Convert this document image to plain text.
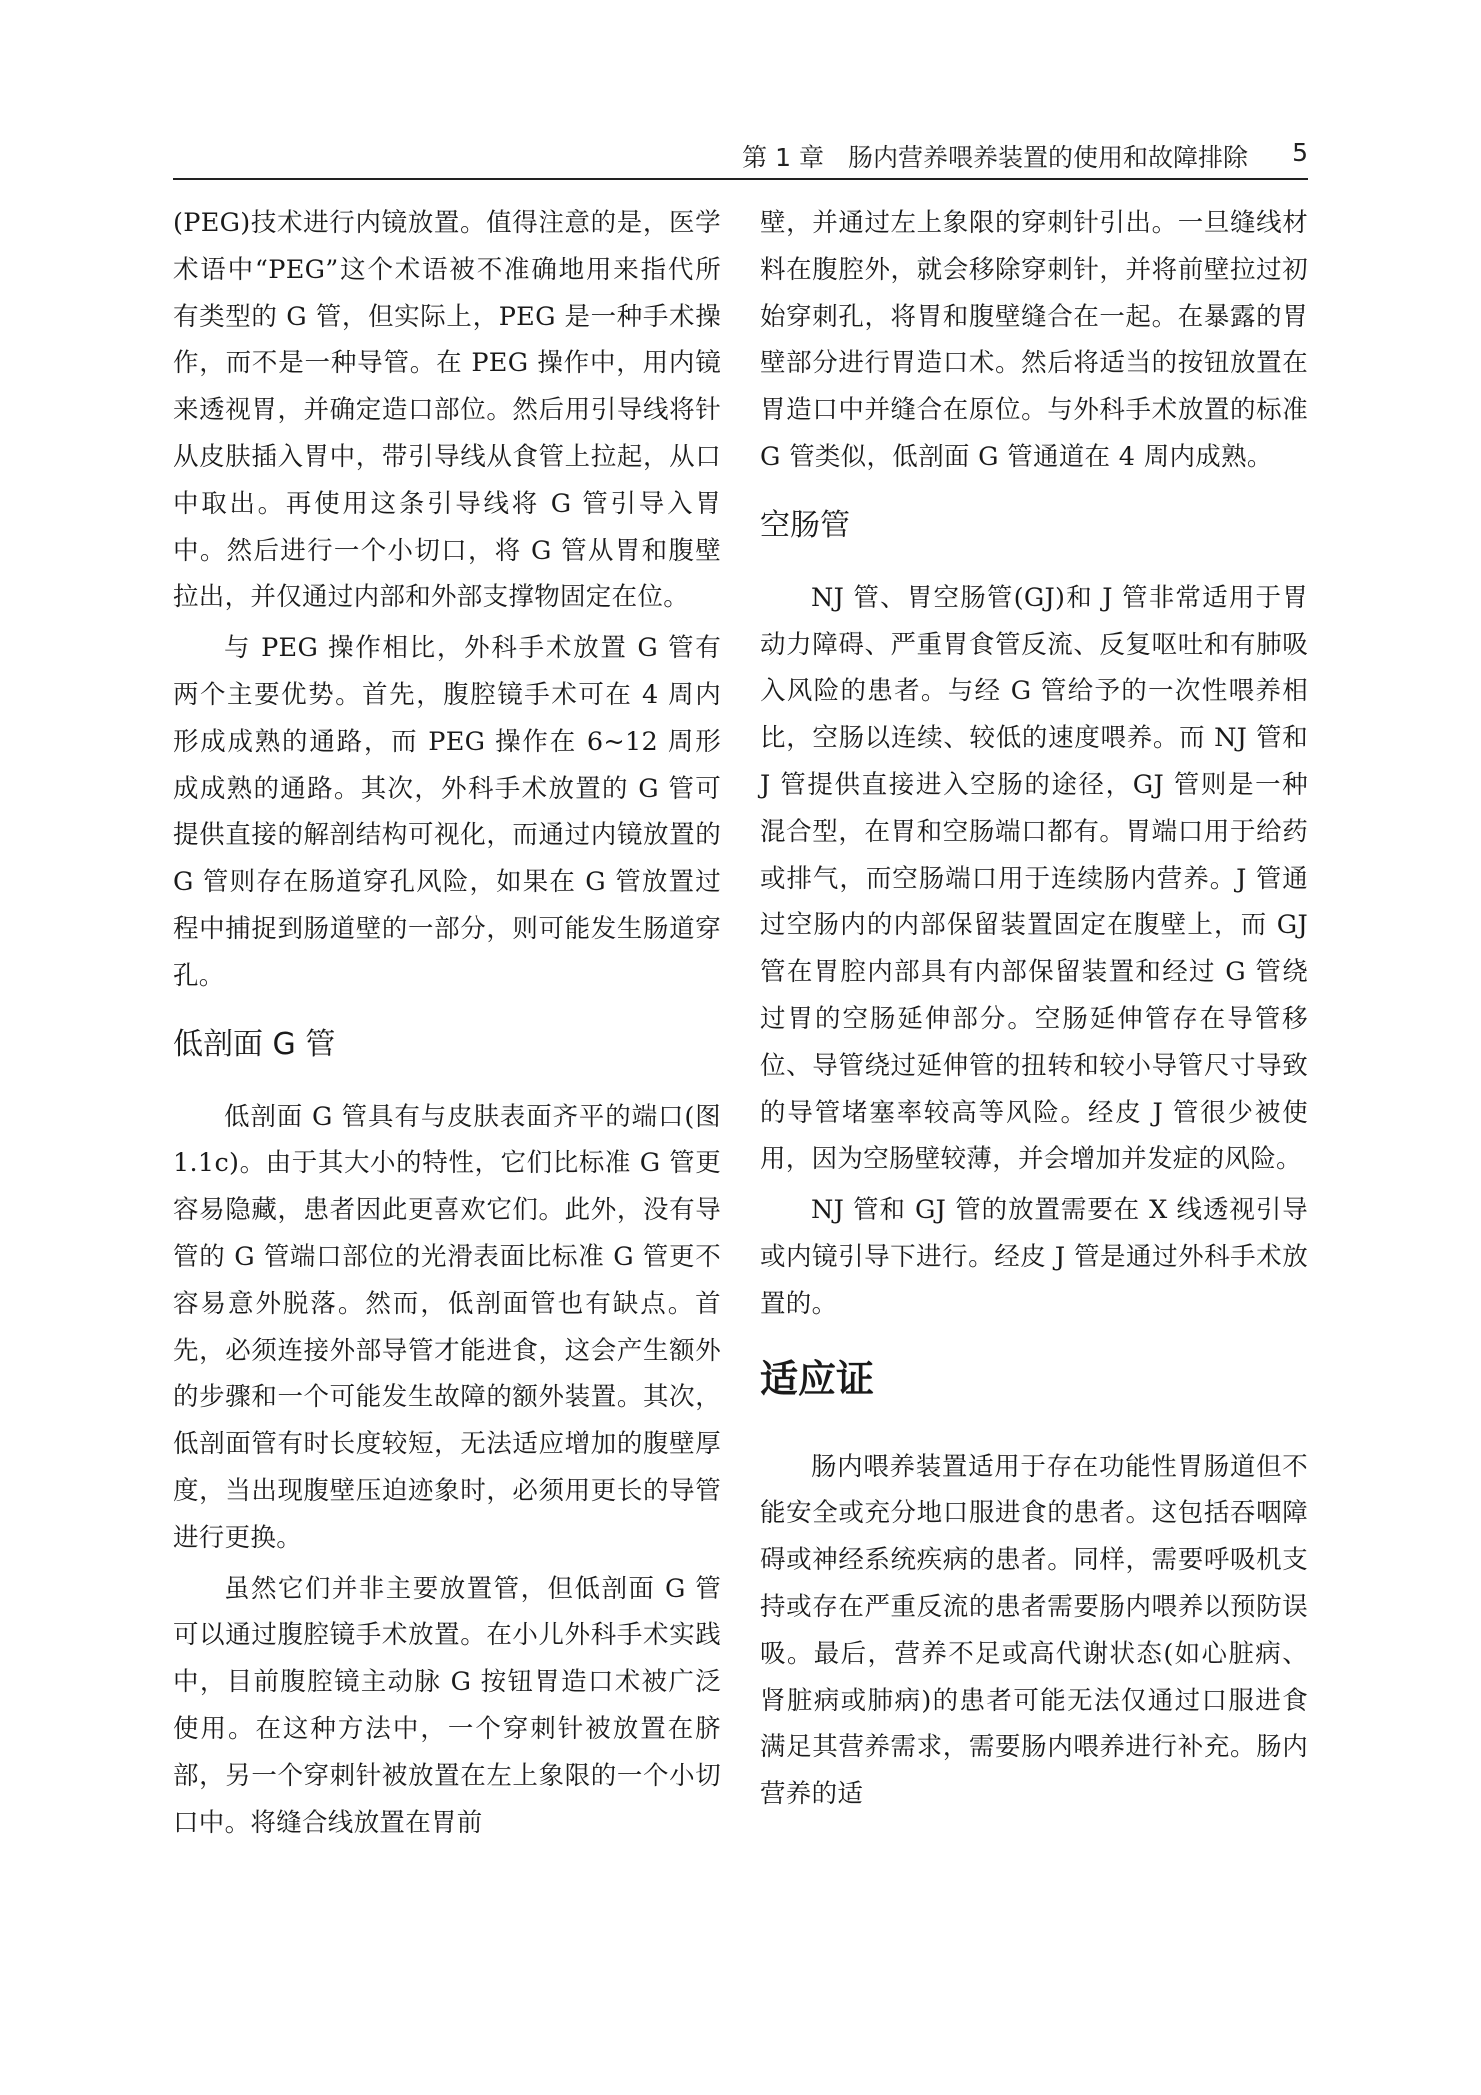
第 1 章 肠内营养喂养装置的使用和故障排除 5

(PEG)技术进行内镜放置。值得注意的是，医学术语中“PEG”这个术语被不准确地用来指代所有类型的 G 管，但实际上，PEG 是一种手术操作，而不是一种导管。在 PEG 操作中，用内镜来透视胃，并确定造口部位。然后用引导线将针从皮肤插入胃中，带引导线从食管上拉起，从口中取出。再使用这条引导线将 G 管引导入胃中。然后进行一个小切口，将 G 管从胃和腹壁拉出，并仅通过内部和外部支撑物固定在位。

与 PEG 操作相比，外科手术放置 G 管有两个主要优势。首先，腹腔镜手术可在 4 周内形成成熟的通路，而 PEG 操作在 6~12 周形成成熟的通路。其次，外科手术放置的 G 管可提供直接的解剖结构可视化，而通过内镜放置的 G 管则存在肠道穿孔风险，如果在 G 管放置过程中捕捉到肠道壁的一部分，则可能发生肠道穿孔。

低剖面 G 管

低剖面 G 管具有与皮肤表面齐平的端口(图 1.1c)。由于其大小的特性，它们比标准 G 管更容易隐藏，患者因此更喜欢它们。此外，没有导管的 G 管端口部位的光滑表面比标准 G 管更不容易意外脱落。然而，低剖面管也有缺点。首先，必须连接外部导管才能进食，这会产生额外的步骤和一个可能发生故障的额外装置。其次，低剖面管有时长度较短，无法适应增加的腹壁厚度，当出现腹壁压迫迹象时，必须用更长的导管进行更换。

虽然它们并非主要放置管，但低剖面 G 管可以通过腹腔镜手术放置。在小儿外科手术实践中，目前腹腔镜主动脉 G 按钮胃造口术被广泛使用。在这种方法中，一个穿刺针被放置在脐部，另一个穿刺针被放置在左上象限的一个小切口中。将缝合线放置在胃前

壁，并通过左上象限的穿刺针引出。一旦缝线材料在腹腔外，就会移除穿刺针，并将前壁拉过初始穿刺孔，将胃和腹壁缝合在一起。在暴露的胃壁部分进行胃造口术。然后将适当的按钮放置在胃造口中并缝合在原位。与外科手术放置的标准 G 管类似，低剖面 G 管通道在 4 周内成熟。

空肠管

NJ 管、胃空肠管(GJ)和 J 管非常适用于胃动力障碍、严重胃食管反流、反复呕吐和有肺吸入风险的患者。与经 G 管给予的一次性喂养相比，空肠以连续、较低的速度喂养。而 NJ 管和 J 管提供直接进入空肠的途径，GJ 管则是一种混合型，在胃和空肠端口都有。胃端口用于给药或排气，而空肠端口用于连续肠内营养。J 管通过空肠内的内部保留装置固定在腹壁上，而 GJ 管在胃腔内部具有内部保留装置和经过 G 管绕过胃的空肠延伸部分。空肠延伸管存在导管移位、导管绕过延伸管的扭转和较小导管尺寸导致的导管堵塞率较高等风险。经皮 J 管很少被使用，因为空肠壁较薄，并会增加并发症的风险。

NJ 管和 GJ 管的放置需要在 X 线透视引导或内镜引导下进行。经皮 J 管是通过外科手术放置的。

适应证

肠内喂养装置适用于存在功能性胃肠道但不能安全或充分地口服进食的患者。这包括吞咽障碍或神经系统疾病的患者。同样，需要呼吸机支持或存在严重反流的患者需要肠内喂养以预防误吸。最后，营养不足或高代谢状态(如心脏病、肾脏病或肺病)的患者可能无法仅通过口服进食满足其营养需求，需要肠内喂养进行补充。肠内营养的适
